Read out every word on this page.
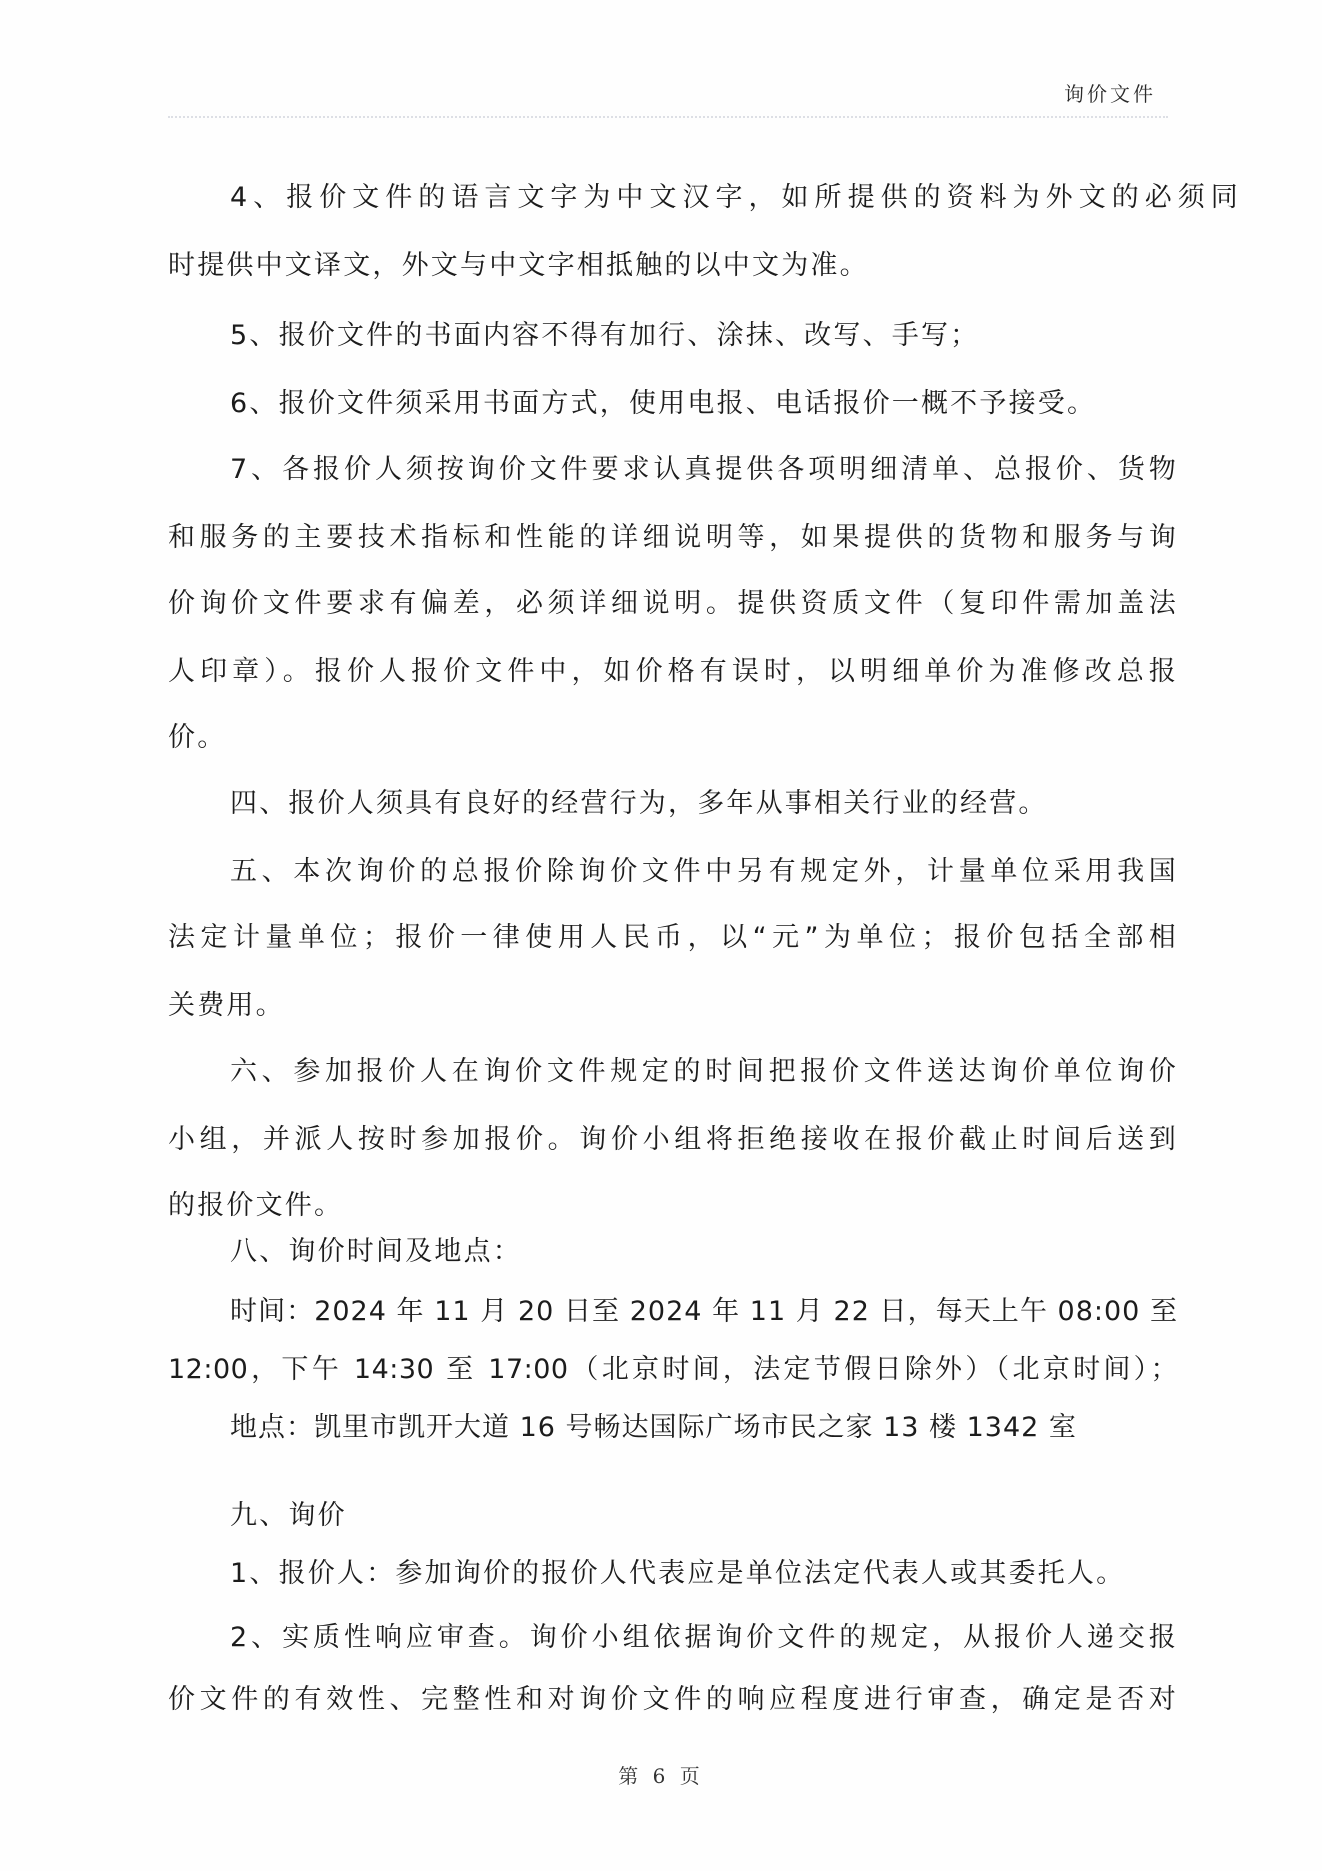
询价文件
4、报价文件的语言文字为中文汉字，如所提供的资料为外文的必须同
时提供中文译文，外文与中文字相抵触的以中文为准。
5、报价文件的书面内容不得有加行、涂抹、改写、手写；
6、报价文件须采用书面方式，使用电报、电话报价一概不予接受。
7、各报价人须按询价文件要求认真提供各项明细清单、总报价、货物
和服务的主要技术指标和性能的详细说明等，如果提供的货物和服务与询
价询价文件要求有偏差，必须详细说明。提供资质文件（复印件需加盖法
人印章）。报价人报价文件中，如价格有误时，以明细单价为准修改总报
价。
四、报价人须具有良好的经营行为，多年从事相关行业的经营。
五、本次询价的总报价除询价文件中另有规定外，计量单位采用我国
法定计量单位；报价一律使用人民币，以“元”为单位；报价包括全部相
关费用。
六、参加报价人在询价文件规定的时间把报价文件送达询价单位询价
小组，并派人按时参加报价。询价小组将拒绝接收在报价截止时间后送到
的报价文件。
八、询价时间及地点：
时间：2024 年 11 月 20 日至 2024 年 11 月 22 日，每天上午 08:00 至
12:00，下午 14:30 至 17:00（北京时间，法定节假日除外）（北京时间）；
地点：凯里市凯开大道 16 号畅达国际广场市民之家 13 楼 1342 室
九、询价
1、报价人：参加询价的报价人代表应是单位法定代表人或其委托人。
2、实质性响应审查。询价小组依据询价文件的规定，从报价人递交报
价文件的有效性、完整性和对询价文件的响应程度进行审查，确定是否对
第 6 页
